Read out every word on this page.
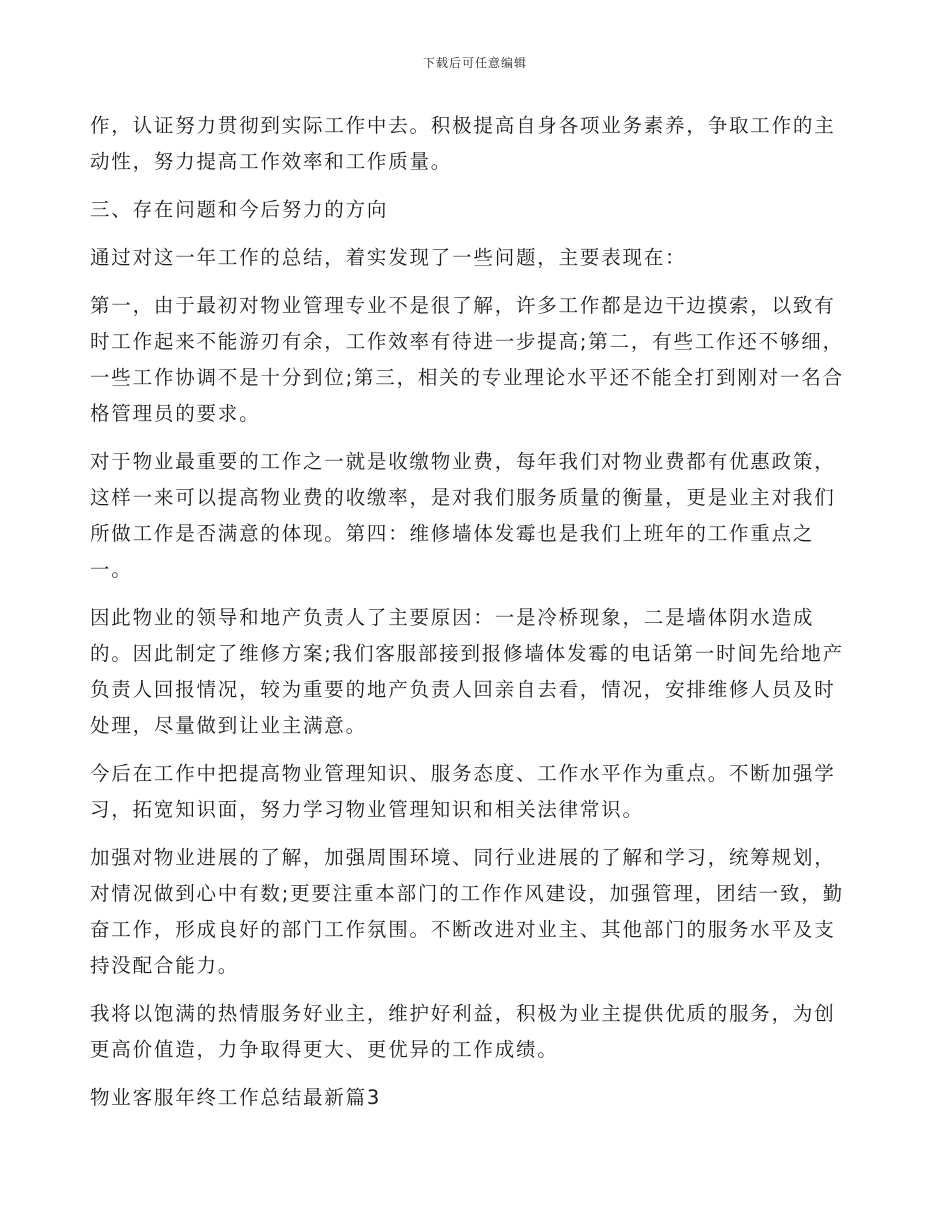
下载后可任意编辑

作，认证努力贯彻到实际工作中去。积极提高自身各项业务素养，争取工作的主
动性，努力提高工作效率和工作质量。

三、存在问题和今后努力的方向

通过对这一年工作的总结，着实发现了一些问题，主要表现在：

第一，由于最初对物业管理专业不是很了解，许多工作都是边干边摸索，以致有
时工作起来不能游刃有余，工作效率有待进一步提高;第二，有些工作还不够细，
一些工作协调不是十分到位;第三，相关的专业理论水平还不能全打到刚对一名合
格管理员的要求。

对于物业最重要的工作之一就是收缴物业费，每年我们对物业费都有优惠政策，
这样一来可以提高物业费的收缴率，是对我们服务质量的衡量，更是业主对我们
所做工作是否满意的体现。第四：维修墙体发霉也是我们上班年的工作重点之
一。

因此物业的领导和地产负责人了主要原因：一是冷桥现象，二是墙体阴水造成
的。因此制定了维修方案;我们客服部接到报修墙体发霉的电话第一时间先给地产
负责人回报情况，较为重要的地产负责人回亲自去看，情况，安排维修人员及时
处理，尽量做到让业主满意。

今后在工作中把提高物业管理知识、服务态度、工作水平作为重点。不断加强学
习，拓宽知识面，努力学习物业管理知识和相关法律常识。

加强对物业进展的了解，加强周围环境、同行业进展的了解和学习，统筹规划，
对情况做到心中有数;更要注重本部门的工作作风建设，加强管理，团结一致，勤
奋工作，形成良好的部门工作氛围。不断改进对业主、其他部门的服务水平及支
持没配合能力。

我将以饱满的热情服务好业主，维护好利益，积极为业主提供优质的服务，为创
更高价值造，力争取得更大、更优异的工作成绩。

物业客服年终工作总结最新篇3
